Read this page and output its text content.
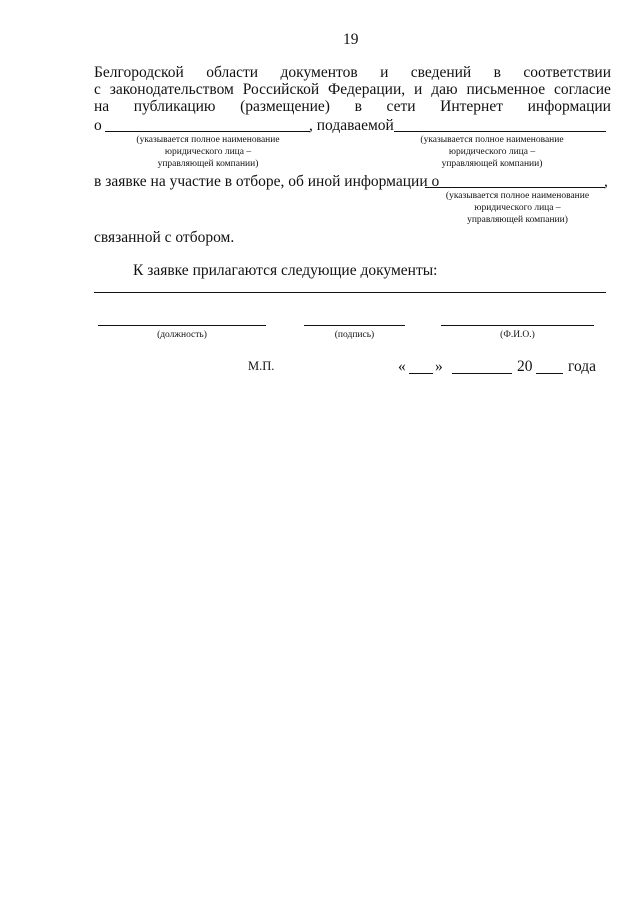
19
Белгородской области документов и сведений в соответствии
с законодательством Российской Федерации, и даю письменное согласие
на публикацию (размещение) в сети Интернет информации
о	, подаваемой
(указывается полное наименование
юридического лица –
управляющей компании)
(указывается полное наименование
юридического лица –
управляющей компании)
в заявке на участие в отборе, об иной информации о	,
(указывается полное наименование
юридического лица –
управляющей компании)
связанной с отбором.
К заявке прилагаются следующие документы:
(должность)	(подпись)	(Ф.И.О.)
М.П.	« »	20 года
